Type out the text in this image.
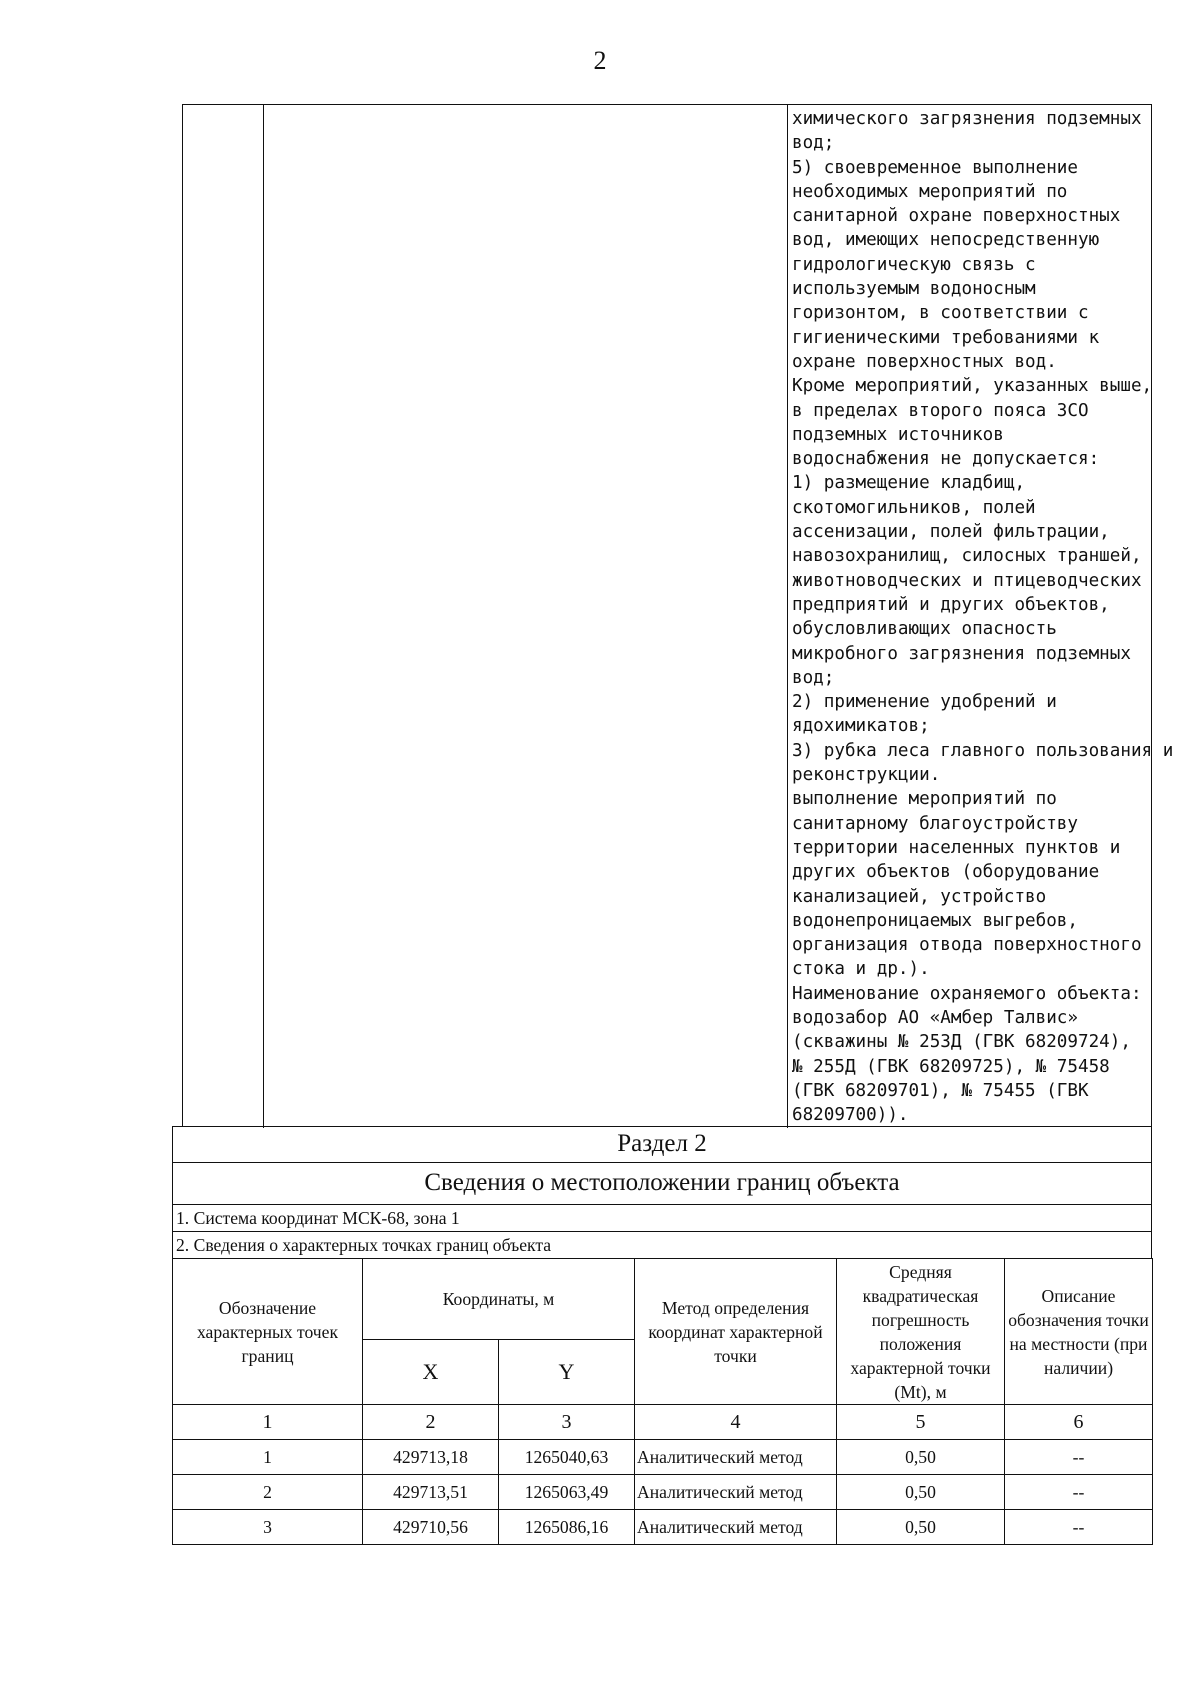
2
химического загрязнения подземных
вод;
5) своевременное выполнение
необходимых мероприятий по
санитарной охране поверхностных
вод, имеющих непосредственную
гидрологическую связь с
используемым водоносным
горизонтом, в соответствии с
гигиеническими требованиями к
охране поверхностных вод.
Кроме мероприятий, указанных выше,
в пределах второго пояса ЗСО
подземных источников
водоснабжения не допускается:
1) размещение кладбищ,
скотомогильников, полей
ассенизации, полей фильтрации,
навозохранилищ, силосных траншей,
животноводческих и птицеводческих
предприятий и других объектов,
обусловливающих опасность
микробного загрязнения подземных
вод;
2) применение удобрений и
ядохимикатов;
3) рубка леса главного пользования и
реконструкции.
выполнение мероприятий по
санитарному благоустройству
территории населенных пунктов и
других объектов (оборудование
канализацией, устройство
водонепроницаемых выгребов,
организация отвода поверхностного
стока и др.).
Наименование охраняемого объекта:
водозабор АО «Амбер Талвис»
(скважины № 253Д (ГВК 68209724),
№ 255Д (ГВК 68209725), № 75458
(ГВК 68209701), № 75455 (ГВК
68209700)).
Раздел 2
Сведения о местоположении границ объекта
1. Система координат МСК-68, зона 1
2. Сведения о характерных точках границ объекта
Обозначение характерных точек границ	Координаты, м		Метод определения координат характерной точки	Средняя квадратическая погрешность положения характерной точки (Mt), м	Описание обозначения точки на местности (при наличии)
	X	Y			
1	2	3	4	5	6
1	429713,18	1265040,63	Аналитический метод	0,50	--
2	429713,51	1265063,49	Аналитический метод	0,50	--
3	429710,56	1265086,16	Аналитический метод	0,50	--
